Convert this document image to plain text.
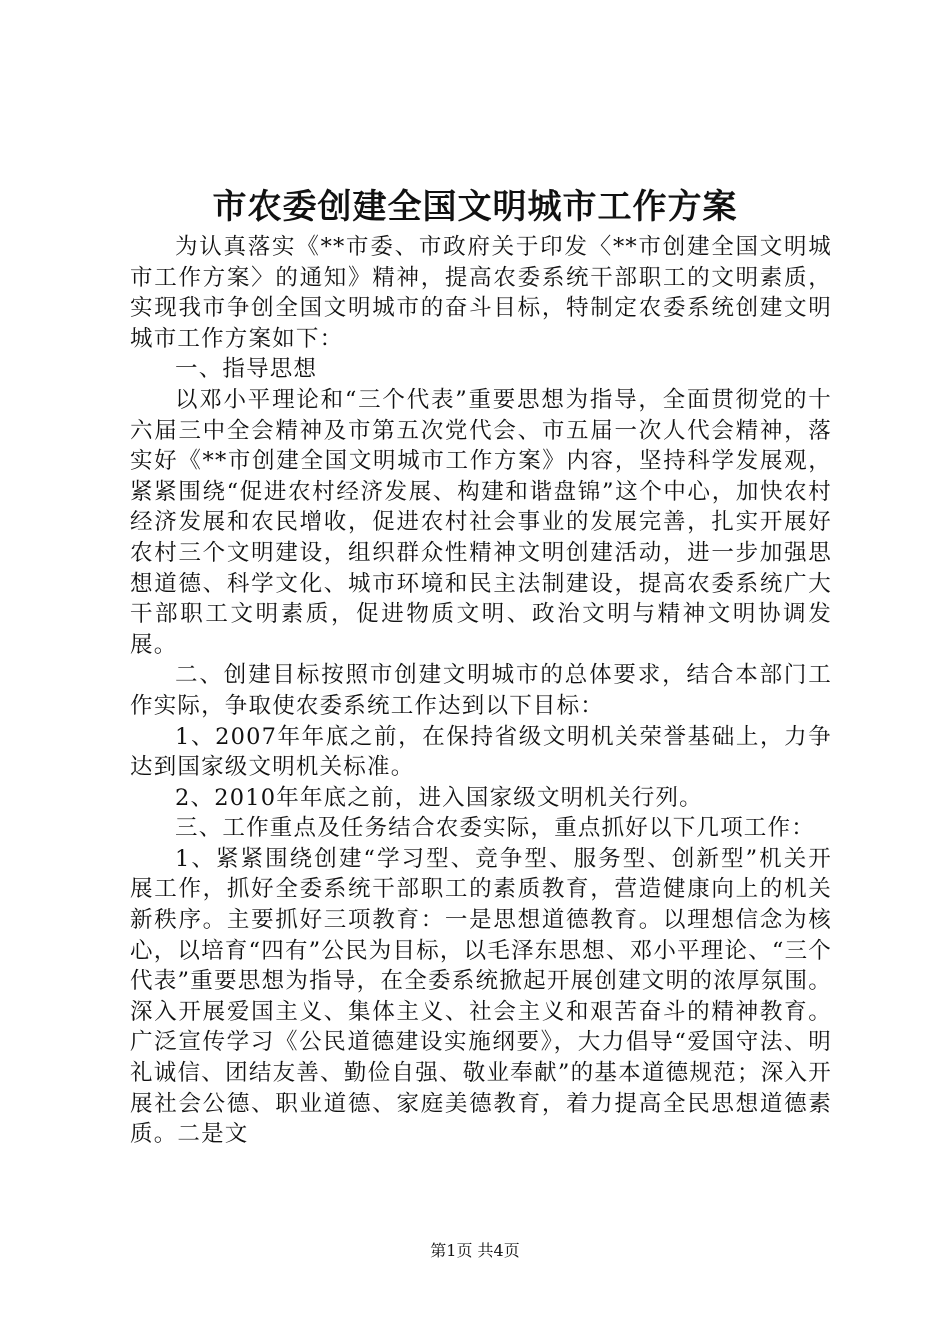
市农委创建全国文明城市工作方案

为认真落实《**市委、市政府关于印发〈**市创建全国文明城市工作方案〉的通知》精神，提高农委系统干部职工的文明素质，实现我市争创全国文明城市的奋斗目标，特制定农委系统创建文明城市工作方案如下：

一、指导思想

以邓小平理论和“三个代表”重要思想为指导，全面贯彻党的十六届三中全会精神及市第五次党代会、市五届一次人代会精神，落实好《**市创建全国文明城市工作方案》内容，坚持科学发展观，紧紧围绕“促进农村经济发展、构建和谐盘锦”这个中心，加快农村经济发展和农民增收，促进农村社会事业的发展完善，扎实开展好农村三个文明建设，组织群众性精神文明创建活动，进一步加强思想道德、科学文化、城市环境和民主法制建设，提高农委系统广大干部职工文明素质，促进物质文明、政治文明与精神文明协调发展。

二、创建目标按照市创建文明城市的总体要求，结合本部门工作实际，争取使农委系统工作达到以下目标：

1、2007年年底之前，在保持省级文明机关荣誉基础上，力争达到国家级文明机关标准。

2、2010年年底之前，进入国家级文明机关行列。

三、工作重点及任务结合农委实际，重点抓好以下几项工作：

1、紧紧围绕创建“学习型、竞争型、服务型、创新型”机关开展工作，抓好全委系统干部职工的素质教育，营造健康向上的机关新秩序。主要抓好三项教育：一是思想道德教育。以理想信念为核心，以培育“四有”公民为目标，以毛泽东思想、邓小平理论、“三个代表”重要思想为指导，在全委系统掀起开展创建文明的浓厚氛围。深入开展爱国主义、集体主义、社会主义和艰苦奋斗的精神教育。广泛宣传学习《公民道德建设实施纲要》，大力倡导“爱国守法、明礼诚信、团结友善、勤俭自强、敬业奉献”的基本道德规范；深入开展社会公德、职业道德、家庭美德教育，着力提高全民思想道德素质。二是文

第1页 共4页
